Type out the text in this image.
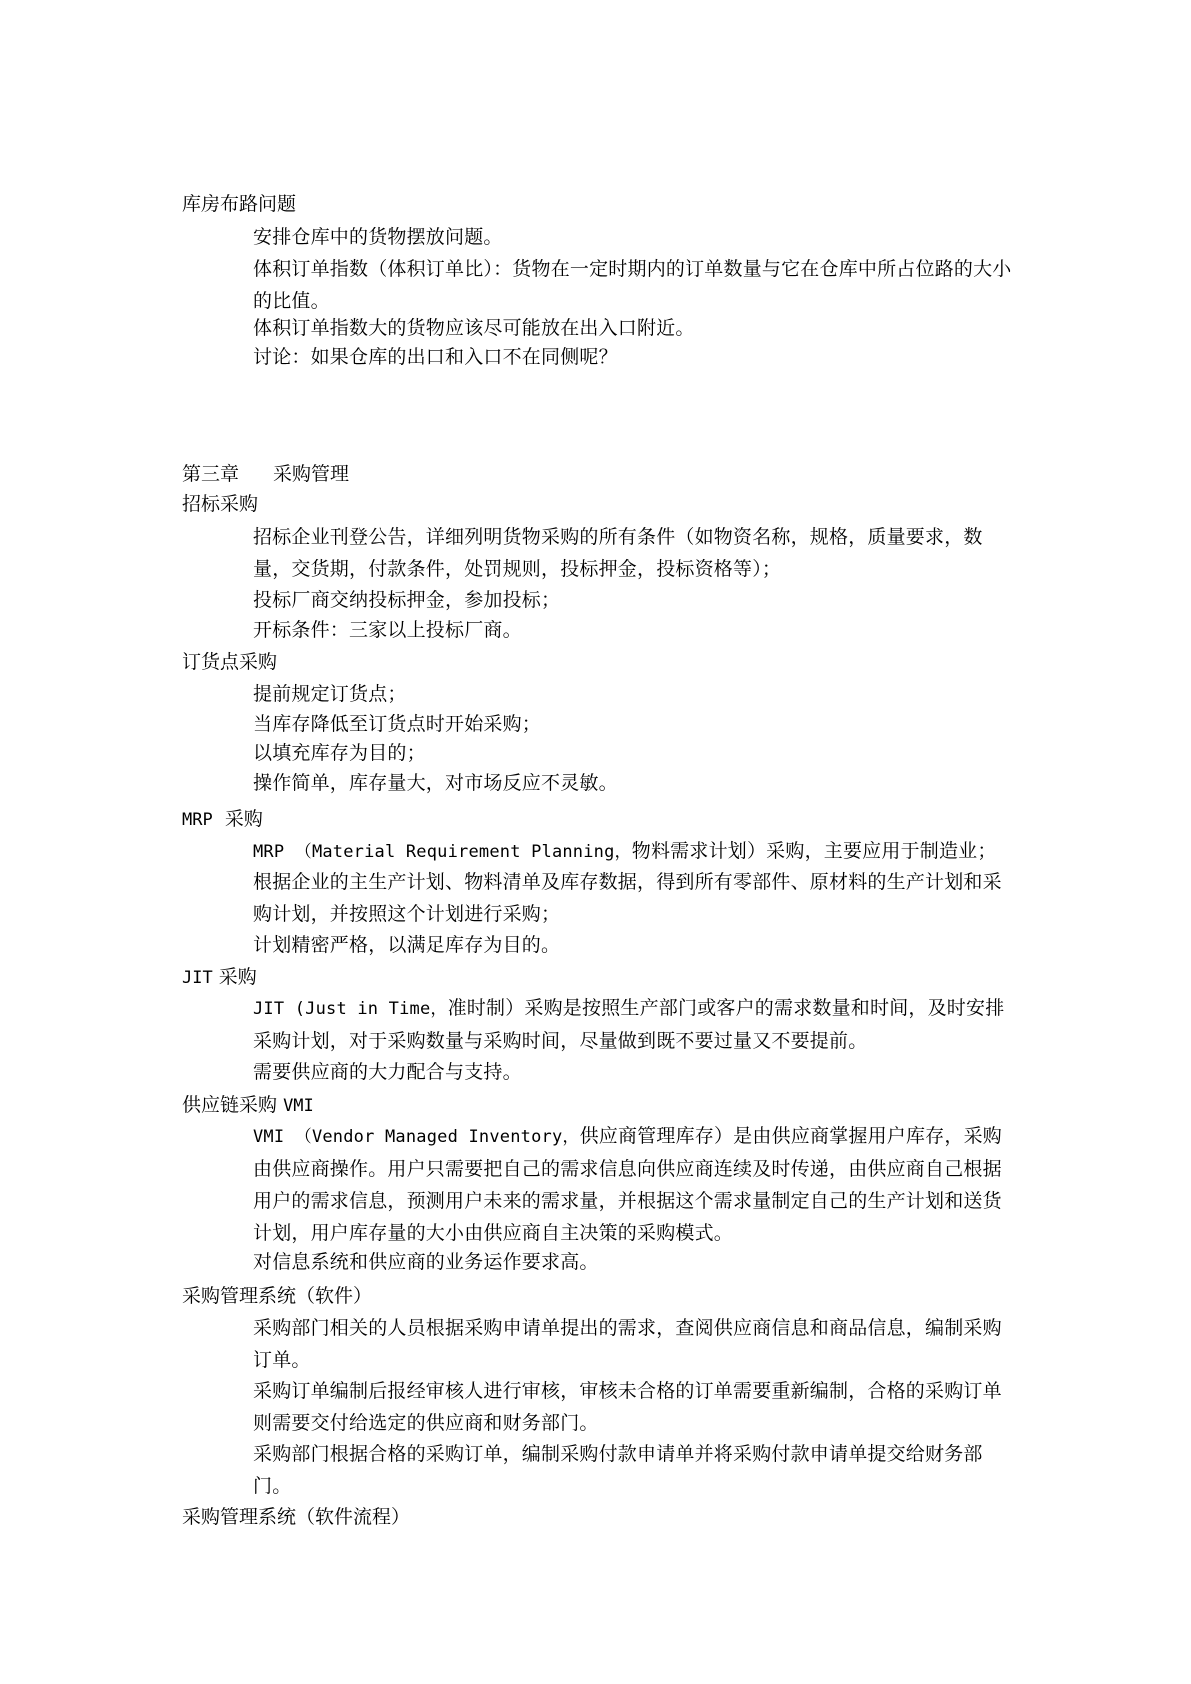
库房布路问题
安排仓库中的货物摆放问题。
体积订单指数（体积订单比）：货物在一定时期内的订单数量与它在仓库中所占位路的大小的比值。
体积订单指数大的货物应该尽可能放在出入口附近。
讨论：如果仓库的出口和入口不在同侧呢？
第三章 采购管理
招标采购
招标企业刊登公告，详细列明货物采购的所有条件（如物资名称，规格，质量要求，数量，交货期，付款条件，处罚规则，投标押金，投标资格等）；
投标厂商交纳投标押金，参加投标；
开标条件：三家以上投标厂商。
订货点采购
提前规定订货点；
当库存降低至订货点时开始采购；
以填充库存为目的；
操作简单，库存量大，对市场反应不灵敏。
MRP 采购
MRP （Material Requirement Planning，物料需求计划）采购，主要应用于制造业；
根据企业的主生产计划、物料清单及库存数据，得到所有零部件、原材料的生产计划和采购计划，并按照这个计划进行采购；
计划精密严格，以满足库存为目的。
JIT 采购
JIT (Just in Time，准时制）采购是按照生产部门或客户的需求数量和时间，及时安排采购计划，对于采购数量与采购时间，尽量做到既不要过量又不要提前。
需要供应商的大力配合与支持。
供应链采购 VMI
VMI （Vendor Managed Inventory，供应商管理库存）是由供应商掌握用户库存，采购由供应商操作。用户只需要把自己的需求信息向供应商连续及时传递，由供应商自己根据用户的需求信息，预测用户未来的需求量，并根据这个需求量制定自己的生产计划和送货计划，用户库存量的大小由供应商自主决策的采购模式。
对信息系统和供应商的业务运作要求高。
采购管理系统（软件）
采购部门相关的人员根据采购申请单提出的需求，查阅供应商信息和商品信息，编制采购订单。
采购订单编制后报经审核人进行审核，审核未合格的订单需要重新编制，合格的采购订单则需要交付给选定的供应商和财务部门。
采购部门根据合格的采购订单，编制采购付款申请单并将采购付款申请单提交给财务部门。
采购管理系统（软件流程）
